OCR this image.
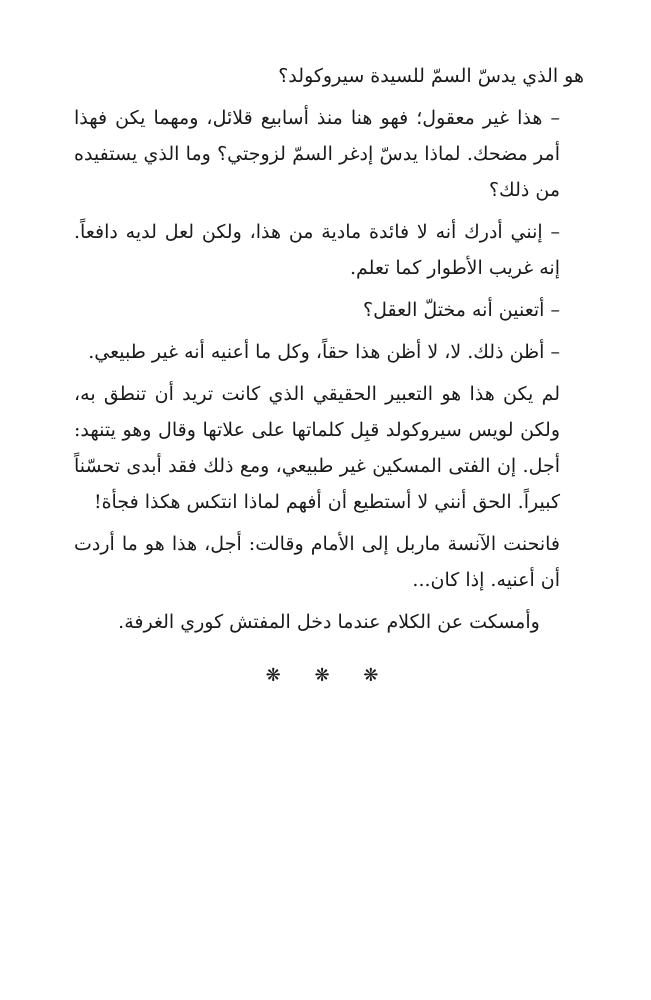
هو الذي يدسّ السمّ للسيدة سيروكولد؟

– هذا غير معقول؛ فهو هنا منذ أسابيع قلائل، ومهما يكن فهذا أمر مضحك. لماذا يدسّ إدغر السمّ لزوجتي؟ وما الذي يستفيده من ذلك؟

– إنني أدرك أنه لا فائدة مادية من هذا، ولكن لعل لديه دافعاً. إنه غريب الأطوار كما تعلم.

– أتعنين أنه مختلّ العقل؟

– أظن ذلك. لا، لا أظن هذا حقاً، وكل ما أعنيه أنه غير طبيعي.

لم يكن هذا هو التعبير الحقيقي الذي كانت تريد أن تنطق به، ولكن لويس سيروكولد قبِل كلماتها على علاتها وقال وهو يتنهد: أجل. إن الفتى المسكين غير طبيعي، ومع ذلك فقد أبدى تحسّناً كبيراً. الحق أنني لا أستطيع أن أفهم لماذا انتكس هكذا فجأة!

فانحنت الآنسة ماربل إلى الأمام وقالت: أجل، هذا هو ما أردت أن أعنيه. إذا كان...

وأمسكت عن الكلام عندما دخل المفتش كوري الغرفة.

❋ ❋ ❋
